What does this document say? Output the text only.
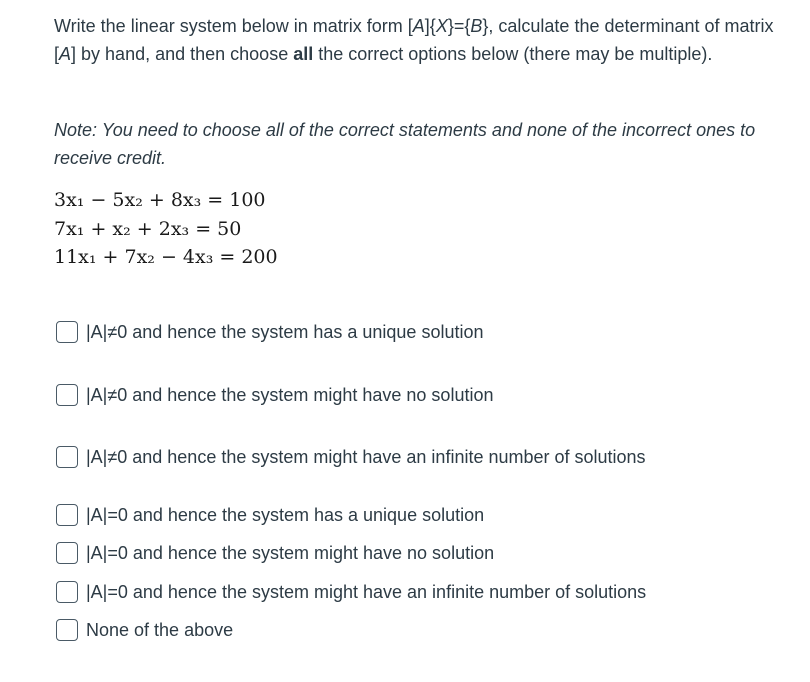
Write the linear system below in matrix form [A]{X}={B}, calculate the determinant of matrix [A] by hand, and then choose all the correct options below (there may be multiple).
Note: You need to choose all of the correct statements and none of the incorrect ones to receive credit.
3x₁ − 5x₂ + 8x₃ = 100
7x₁ + x₂ + 2x₃ = 50
11x₁ + 7x₂ − 4x₃ = 200
|A|≠0 and hence the system has a unique solution
|A|≠0 and hence the system might have no solution
|A|≠0 and hence the system might have an infinite number of solutions
|A|=0 and hence the system has a unique solution
|A|=0 and hence the system might have no solution
|A|=0 and hence the system might have an infinite number of solutions
None of the above
